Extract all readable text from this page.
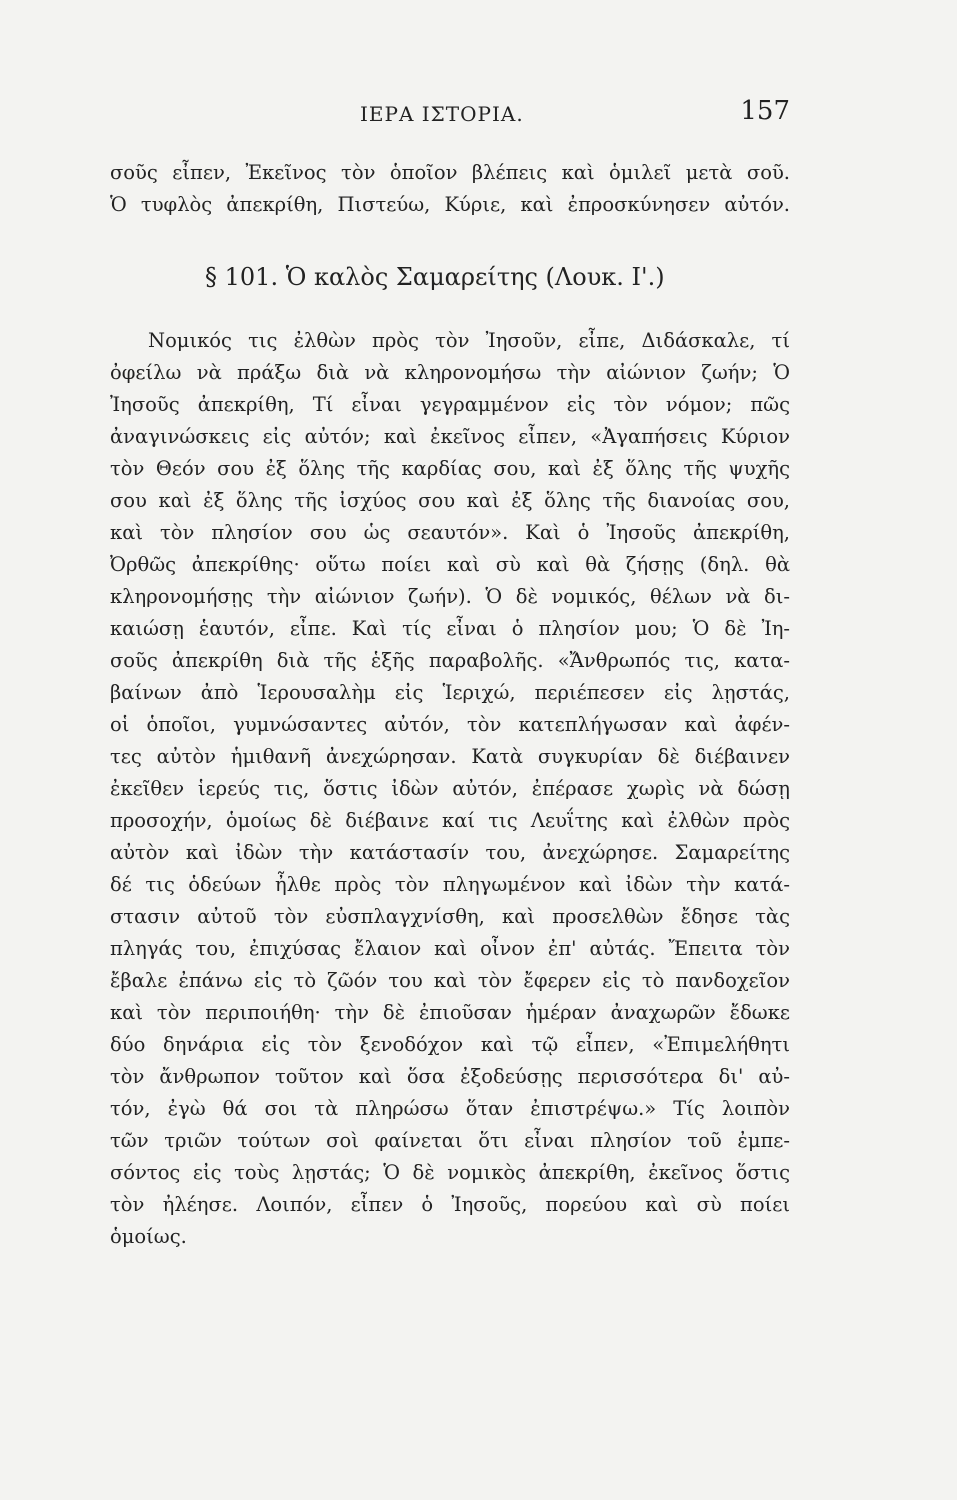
ΙΕΡΑ ΙΣΤΟΡΙΑ.	157
σοῦς εἶπεν, Ἐκεῖνος τὸν ὁποῖον βλέπεις καὶ ὁμιλεῖ μετὰ σοῦ.
Ὁ τυφλὸς ἀπεκρίθη, Πιστεύω, Κύριε, καὶ ἐπροσκύνησεν αὐτόν.
§ 101. Ὁ καλὸς Σαμαρείτης (Λουκ. Ι'.)
Νομικός τις ἐλθὼν πρὸς τὸν Ἰησοῦν, εἶπε, Διδάσκαλε, τί
ὀφείλω νὰ πράξω διὰ νὰ κληρονομήσω τὴν αἰώνιον ζωήν; Ὁ
Ἰησοῦς ἀπεκρίθη, Τί εἶναι γεγραμμένον εἰς τὸν νόμον; πῶς
ἀναγινώσκεις εἰς αὐτόν; καὶ ἐκεῖνος εἶπεν, «Ἀγαπήσεις Κύριον
τὸν Θεόν σου ἐξ ὅλης τῆς καρδίας σου, καὶ ἐξ ὅλης τῆς ψυχῆς
σου καὶ ἐξ ὅλης τῆς ἰσχύος σου καὶ ἐξ ὅλης τῆς διανοίας σου,
καὶ τὸν πλησίον σου ὡς σεαυτόν». Καὶ ὁ Ἰησοῦς ἀπεκρίθη,
Ὀρθῶς ἀπεκρίθης· οὕτω ποίει καὶ σὺ καὶ θὰ ζήσῃς (δηλ. θὰ
κληρονομήσῃς τὴν αἰώνιον ζωήν). Ὁ δὲ νομικός, θέλων νὰ δι-
καιώσῃ ἑαυτόν, εἶπε. Καὶ τίς εἶναι ὁ πλησίον μου; Ὁ δὲ Ἰη-
σοῦς ἀπεκρίθη διὰ τῆς ἑξῆς παραβολῆς. «Ἄνθρωπός τις, κατα-
βαίνων ἀπὸ Ἱερουσαλὴμ εἰς Ἱεριχώ, περιέπεσεν εἰς λῃστάς,
οἱ ὁποῖοι, γυμνώσαντες αὐτόν, τὸν κατεπλήγωσαν καὶ ἀφέν-
τες αὐτὸν ἡμιθανῆ ἀνεχώρησαν. Κατὰ συγκυρίαν δὲ διέβαινεν
ἐκεῖθεν ἱερεύς τις, ὅστις ἰδὼν αὐτόν, ἐπέρασε χωρὶς νὰ δώσῃ
προσοχήν, ὁμοίως δὲ διέβαινε καί τις Λευΐτης καὶ ἐλθὼν πρὸς
αὐτὸν καὶ ἰδὼν τὴν κατάστασίν του, ἀνεχώρησε. Σαμαρείτης
δέ τις ὁδεύων ἦλθε πρὸς τὸν πληγωμένον καὶ ἰδὼν τὴν κατά-
στασιν αὐτοῦ τὸν εὐσπλαγχνίσθη, καὶ προσελθὼν ἔδησε τὰς
πληγάς του, ἐπιχύσας ἔλαιον καὶ οἶνον ἐπ' αὐτάς. Ἔπειτα τὸν
ἔβαλε ἐπάνω εἰς τὸ ζῶόν του καὶ τὸν ἔφερεν εἰς τὸ πανδοχεῖον
καὶ τὸν περιποιήθη· τὴν δὲ ἐπιοῦσαν ἡμέραν ἀναχωρῶν ἔδωκε
δύο δηνάρια εἰς τὸν ξενοδόχον καὶ τῷ εἶπεν, «Ἐπιμελήθητι
τὸν ἄνθρωπον τοῦτον καὶ ὅσα ἐξοδεύσῃς περισσότερα δι' αὐ-
τόν, ἐγὼ θά σοι τὰ πληρώσω ὅταν ἐπιστρέψω.» Τίς λοιπὸν
τῶν τριῶν τούτων σοὶ φαίνεται ὅτι εἶναι πλησίον τοῦ ἐμπε-
σόντος εἰς τοὺς λῃστάς; Ὁ δὲ νομικὸς ἀπεκρίθη, ἐκεῖνος ὅστις
τὸν ἠλέησε. Λοιπόν, εἶπεν ὁ Ἰησοῦς, πορεύου καὶ σὺ ποίει
ὁμοίως.
